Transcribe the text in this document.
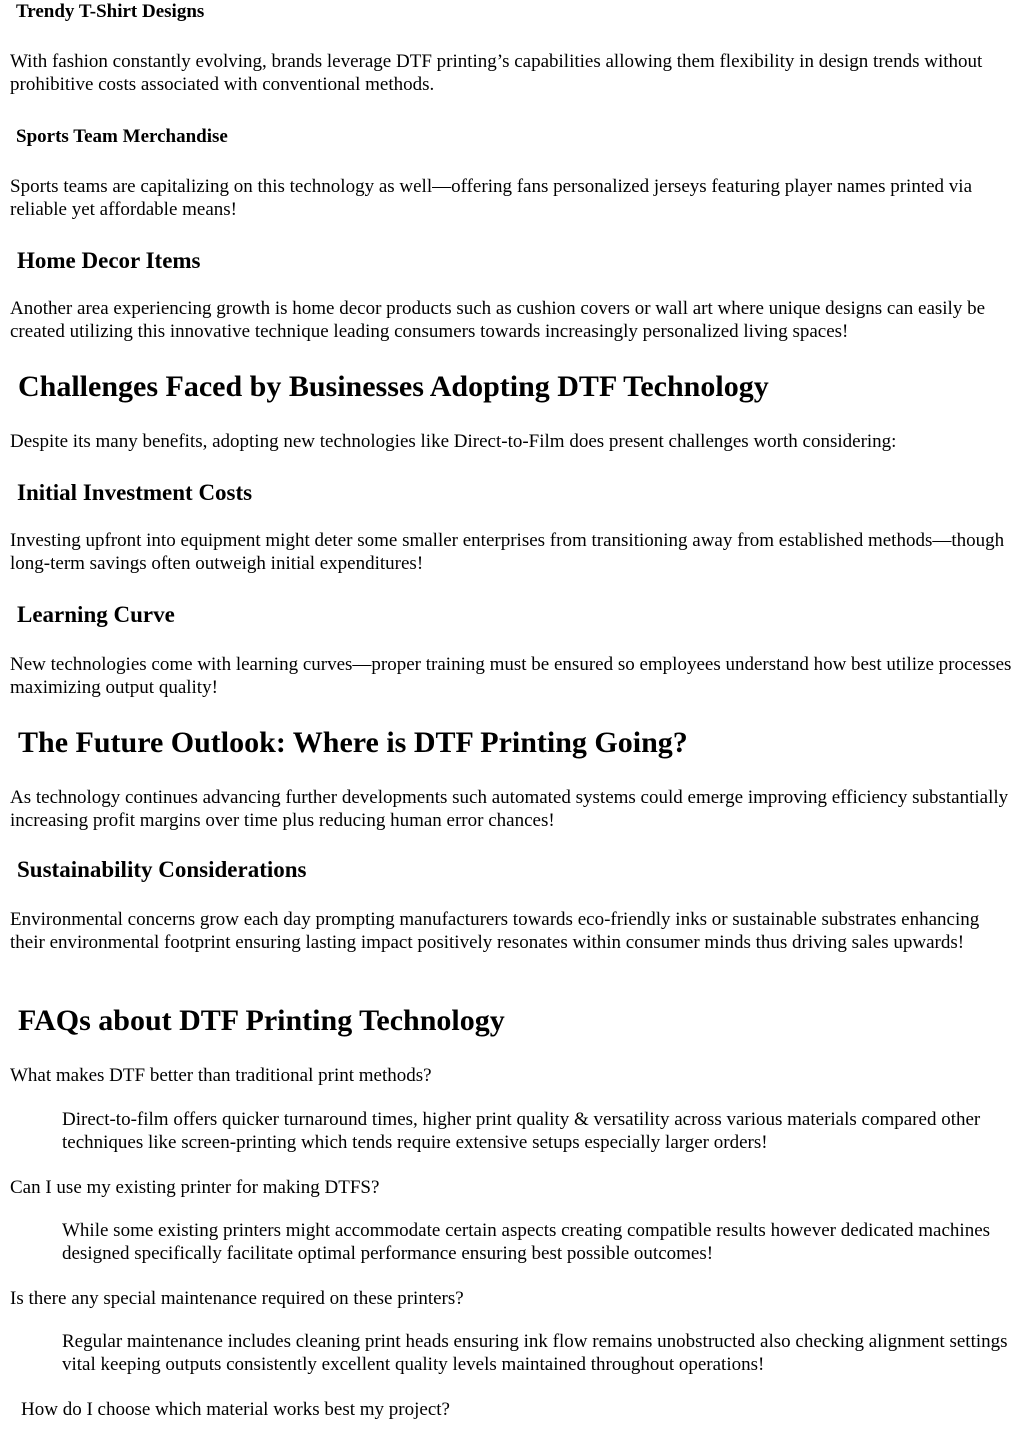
Trendy T-Shirt Designs

With fashion constantly evolving, brands leverage DTF printing’s capabilities allowing them flexibility in design trends without prohibitive costs associated with conventional methods.

Sports Team Merchandise

Sports teams are capitalizing on this technology as well—offering fans personalized jerseys featuring player names printed via reliable yet affordable means!

Home Decor Items

Another area experiencing growth is home decor products such as cushion covers or wall art where unique designs can easily be created utilizing this innovative technique leading consumers towards increasingly personalized living spaces!

Challenges Faced by Businesses Adopting DTF Technology

Despite its many benefits, adopting new technologies like Direct-to-Film does present challenges worth considering:

Initial Investment Costs

Investing upfront into equipment might deter some smaller enterprises from transitioning away from established methods—though long-term savings often outweigh initial expenditures!

Learning Curve

New technologies come with learning curves—proper training must be ensured so employees understand how best utilize processes maximizing output quality!

The Future Outlook: Where is DTF Printing Going?

As technology continues advancing further developments such automated systems could emerge improving efficiency substantially increasing profit margins over time plus reducing human error chances!

Sustainability Considerations

Environmental concerns grow each day prompting manufacturers towards eco-friendly inks or sustainable substrates enhancing their environmental footprint ensuring lasting impact positively resonates within consumer minds thus driving sales upwards!

FAQs about DTF Printing Technology

What makes DTF better than traditional print methods?

Direct-to-film offers quicker turnaround times, higher print quality & versatility across various materials compared other techniques like screen-printing which tends require extensive setups especially larger orders!

Can I use my existing printer for making DTFS?

While some existing printers might accommodate certain aspects creating compatible results however dedicated machines designed specifically facilitate optimal performance ensuring best possible outcomes!

Is there any special maintenance required on these printers?

Regular maintenance includes cleaning print heads ensuring ink flow remains unobstructed also checking alignment settings vital keeping outputs consistently excellent quality levels maintained throughout operations!

How do I choose which material works best my project?
